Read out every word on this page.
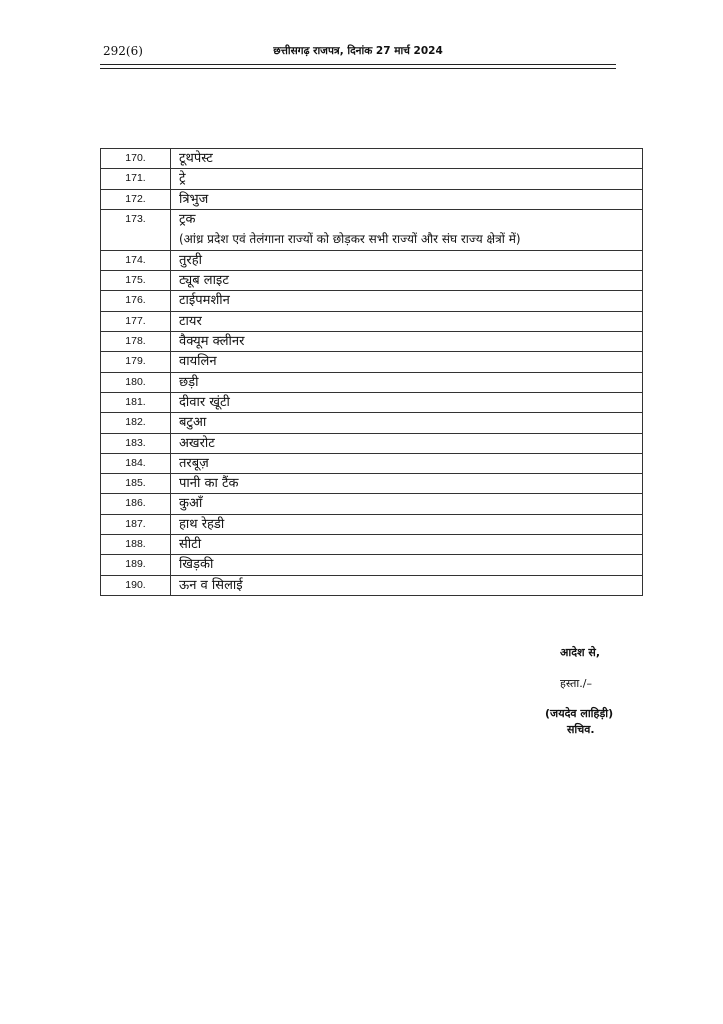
292(6)	छत्तीसगढ़ राजपत्र, दिनांक 27 मार्च 2024
170.	टूथपेस्ट
171.	ट्रे
172.	त्रिभुज
173.	ट्रक
(आंध्र प्रदेश एवं तेलंगाना राज्यों को छोड़कर सभी राज्यों और संघ राज्य क्षेत्रों में)

174.	तुरही
175.	ट्यूब लाइट
176.	टाईपमशीन
177.	टायर
178.	वैक्यूम क्लीनर
179.	वायलिन
180.	छड़ी
181.	दीवार खूंटी
182.	बटुआ
183.	अखरोट
184.	तरबूज़
185.	पानी का टैंक
186.	कुआँ
187.	हाथ रेहडी
188.	सीटी
189.	खिड़की
190.	ऊन व सिलाई
आदेश से,
हस्ता./–
(जयदेव लाहिड़ी)
सचिव.
